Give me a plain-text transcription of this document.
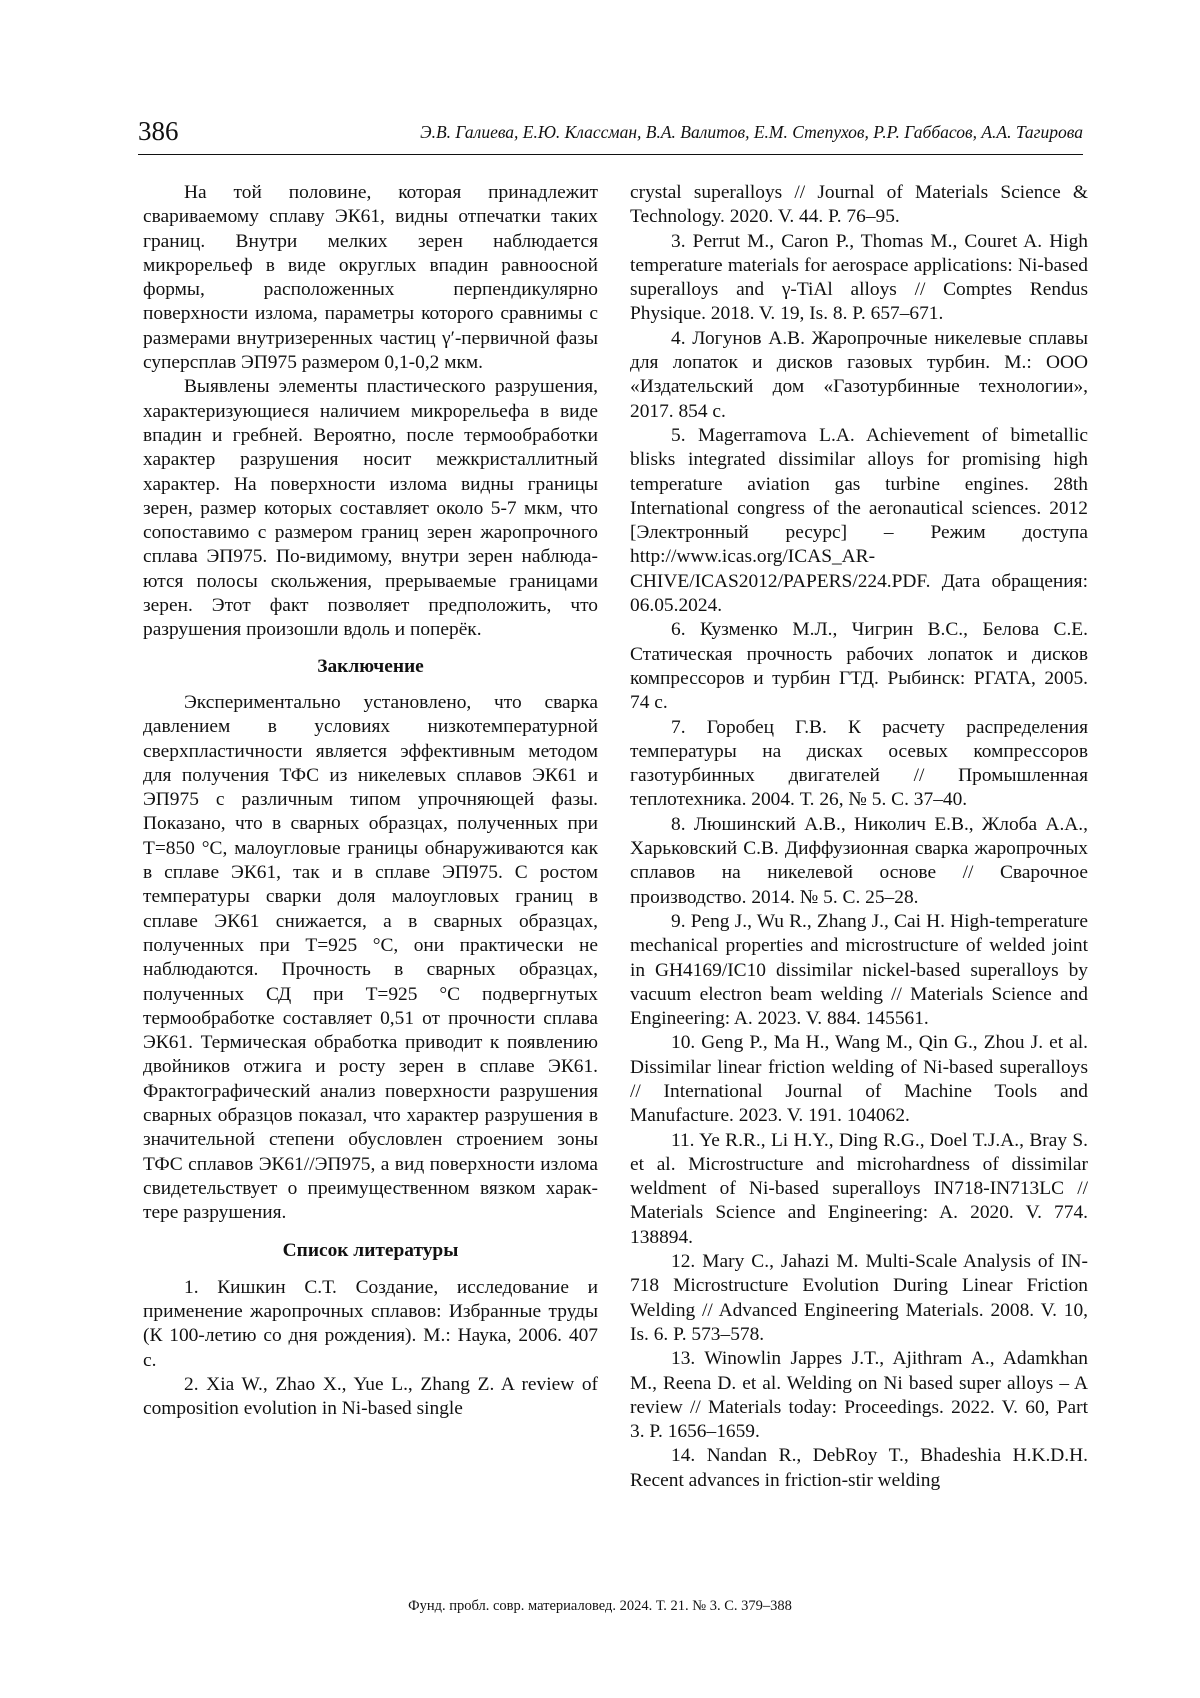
386	Э.В. Галиева, Е.Ю. Классман, В.А. Валитов, Е.М. Степухов, Р.Р. Габбасов, А.А. Тагирова

На той половине, которая принадлежит свариваемому сплаву ЭК61, видны отпечатки таких границ. Внутри мелких зерен наблюдается микрорельеф в виде округлых впадин равноосной формы, расположенных перпендикулярно поверхности излома, параметры которого сравнимы с размерами внутризеренных частиц γ′-первичной фазы суперсплав ЭП975 размером 0,1-0,2 мкм.

Выявлены элементы пластического разрушения, характеризующиеся наличием микрорельефа в виде впадин и гребней. Вероятно, после термообработки характер разрушения носит межкристаллитный характер. На поверхности излома видны границы зерен, размер которых составляет около 5-7 мкм, что сопоставимо с размером границ зерен жаропрочного сплава ЭП975. По-видимому, внутри зерен наблюдаются полосы скольжения, прерываемые границами зерен. Этот факт позволяет предположить, что разрушения произошли вдоль и поперёк.

Заключение

Экспериментально установлено, что сварка давлением в условиях низкотемпературной сверхпластичности является эффективным методом для получения ТФС из никелевых сплавов ЭК61 и ЭП975 с различным типом упрочняющей фазы. Показано, что в сварных образцах, полученных при Т=850 °С, малоугловые границы обнаруживаются как в сплаве ЭК61, так и в сплаве ЭП975. С ростом температуры сварки доля малоугловых границ в сплаве ЭК61 снижается, а в сварных образцах, полученных при Т=925 °С, они практически не наблюдаются. Прочность в сварных образцах, полученных СД при Т=925 °С подвергнутых термообработке составляет 0,51 от прочности сплава ЭК61. Термическая обработка приводит к появлению двойников отжига и росту зерен в сплаве ЭК61. Фрактографический анализ поверхности разрушения сварных образцов показал, что характер разрушения в значительной степени обусловлен строением зоны ТФС сплавов ЭК61//ЭП975, а вид поверхности излома свидетельствует о преимущественном вязком характере разрушения.

Список литературы

1. Кишкин С.Т. Создание, исследование и применение жаропрочных сплавов: Избранные труды (К 100-летию со дня рождения). М.: Наука, 2006. 407 с.

2. Xia W., Zhao X., Yue L., Zhang Z. A review of composition evolution in Ni-based single

crystal superalloys // Journal of Materials Science & Technology. 2020. V. 44. P. 76–95.

3. Perrut M., Caron P., Thomas M., Couret A. High temperature materials for aerospace applications: Ni-based superalloys and γ-TiAl alloys // Comptes Rendus Physique. 2018. V. 19, Is. 8. P. 657–671.

4. Логунов А.В. Жаропрочные никелевые сплавы для лопаток и дисков газовых турбин. М.: ООО «Издательский дом «Газотурбинные технологии», 2017. 854 с.

5. Magerramova L.A. Achievement of bimetallic blisks integrated dissimilar alloys for promising high temperature aviation gas turbine engines. 28th International congress of the aeronautical sciences. 2012 [Электронный ресурс] – Режим доступа http://www.icas.org/ICAS_ARCHIVE/ICAS2012/PAPERS/224.PDF. Дата обращения: 06.05.2024.

6. Кузменко М.Л., Чигрин В.С., Белова С.Е. Статическая прочность рабочих лопаток и дисков компрессоров и турбин ГТД. Рыбинск: РГАТА, 2005. 74 с.

7. Горобец Г.В. К расчету распределения температуры на дисках осевых компрессоров газотурбинных двигателей // Промышленная теплотехника. 2004. Т. 26, № 5. С. 37–40.

8. Люшинский А.В., Николич Е.В., Жлоба А.А., Харьковский С.В. Диффузионная сварка жаропрочных сплавов на никелевой основе // Сварочное производство. 2014. № 5. С. 25–28.

9. Peng J., Wu R., Zhang J., Cai H. High-temperature mechanical properties and microstructure of welded joint in GH4169/IC10 dissimilar nickel-based superalloys by vacuum electron beam welding // Materials Science and Engineering: A. 2023. V. 884. 145561.

10. Geng P., Ma H., Wang M., Qin G., Zhou J. et al. Dissimilar linear friction welding of Ni-based superalloys // International Journal of Machine Tools and Manufacture. 2023. V. 191. 104062.

11. Ye R.R., Li H.Y., Ding R.G., Doel T.J.A., Bray S. et al. Microstructure and microhardness of dissimilar weldment of Ni-based superalloys IN718-IN713LC // Materials Science and Engineering: A. 2020. V. 774. 138894.

12. Mary C., Jahazi M. Multi-Scale Analysis of IN-718 Microstructure Evolution During Linear Friction Welding // Advanced Engineering Materials. 2008. V. 10, Is. 6. P. 573–578.

13. Winowlin Jappes J.T., Ajithram A., Adamkhan M., Reena D. et al. Welding on Ni based super alloys – A review // Materials today: Proceedings. 2022. V. 60, Part 3. P. 1656–1659.

14. Nandan R., DebRoy T., Bhadeshia H.K.D.H. Recent advances in friction-stir welding

Фунд. пробл. совр. материаловед. 2024. Т. 21. № 3. С. 379–388
